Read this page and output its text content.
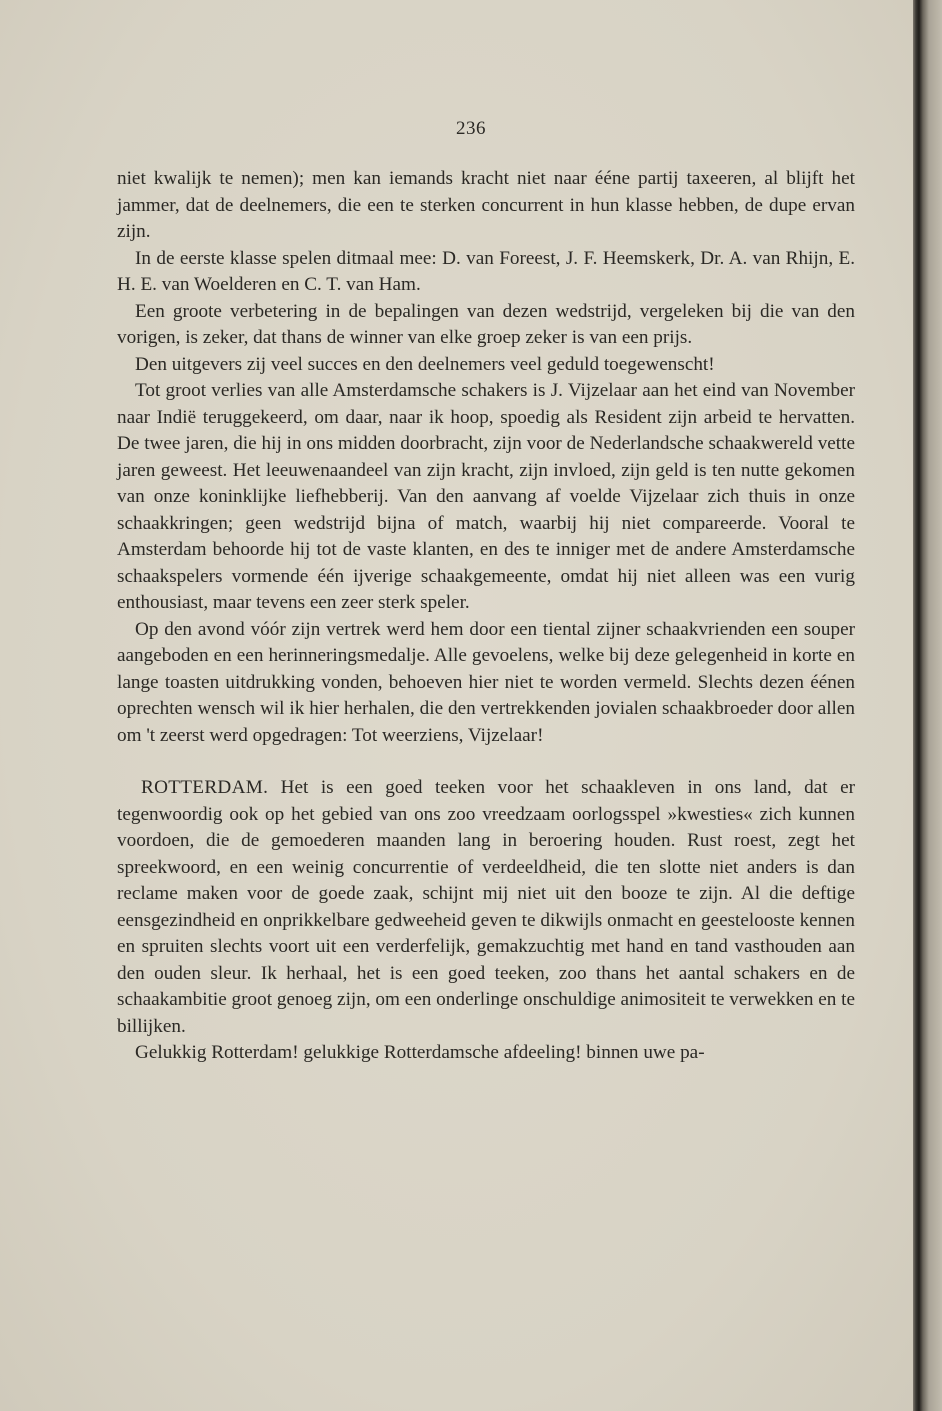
236

niet kwalijk te nemen); men kan iemands kracht niet naar ééne partij taxeeren, al blijft het jammer, dat de deelnemers, die een te sterken concurrent in hun klasse hebben, de dupe ervan zijn.

In de eerste klasse spelen ditmaal mee: D. van Foreest, J. F. Heemskerk, Dr. A. van Rhijn, E. H. E. van Woelderen en C. T. van Ham.

Een groote verbetering in de bepalingen van dezen wedstrijd, vergeleken bij die van den vorigen, is zeker, dat thans de winner van elke groep zeker is van een prijs.

Den uitgevers zij veel succes en den deelnemers veel geduld toegewenscht!

Tot groot verlies van alle Amsterdamsche schakers is J. Vijzelaar aan het eind van November naar Indië teruggekeerd, om daar, naar ik hoop, spoedig als Resident zijn arbeid te hervatten. De twee jaren, die hij in ons midden doorbracht, zijn voor de Nederlandsche schaakwereld vette jaren geweest. Het leeuwenaandeel van zijn kracht, zijn invloed, zijn geld is ten nutte gekomen van onze koninklijke liefhebberij. Van den aanvang af voelde Vijzelaar zich thuis in onze schaakkringen; geen wedstrijd bijna of match, waarbij hij niet compareerde. Vooral te Amsterdam behoorde hij tot de vaste klanten, en des te inniger met de andere Amsterdamsche schaakspelers vormende één ijverige schaakgemeente, omdat hij niet alleen was een vurig enthousiast, maar tevens een zeer sterk speler.

Op den avond vóór zijn vertrek werd hem door een tiental zijner schaakvrienden een souper aangeboden en een herinneringsmedalje. Alle gevoelens, welke bij deze gelegenheid in korte en lange toasten uitdrukking vonden, behoeven hier niet te worden vermeld. Slechts dezen éénen oprechten wensch wil ik hier herhalen, die den vertrekkenden jovialen schaakbroeder door allen om 't zeerst werd opgedragen: Tot weerziens, Vijzelaar!

ROTTERDAM. Het is een goed teeken voor het schaakleven in ons land, dat er tegenwoordig ook op het gebied van ons zoo vreedzaam oorlogsspel »kwesties« zich kunnen voordoen, die de gemoederen maanden lang in beroering houden. Rust roest, zegt het spreekwoord, en een weinig concurrentie of verdeeldheid, die ten slotte niet anders is dan reclame maken voor de goede zaak, schijnt mij niet uit den booze te zijn. Al die deftige eensgezindheid en onprikkelbare gedweeheid geven te dikwijls onmacht en geestelooste kennen en spruiten slechts voort uit een verderfelijk, gemakzuchtig met hand en tand vasthouden aan den ouden sleur. Ik herhaal, het is een goed teeken, zoo thans het aantal schakers en de schaakambitie groot genoeg zijn, om een onderlinge onschuldige animositeit te verwekken en te billijken.

Gelukkig Rotterdam! gelukkige Rotterdamsche afdeeling! binnen uwe pa-
